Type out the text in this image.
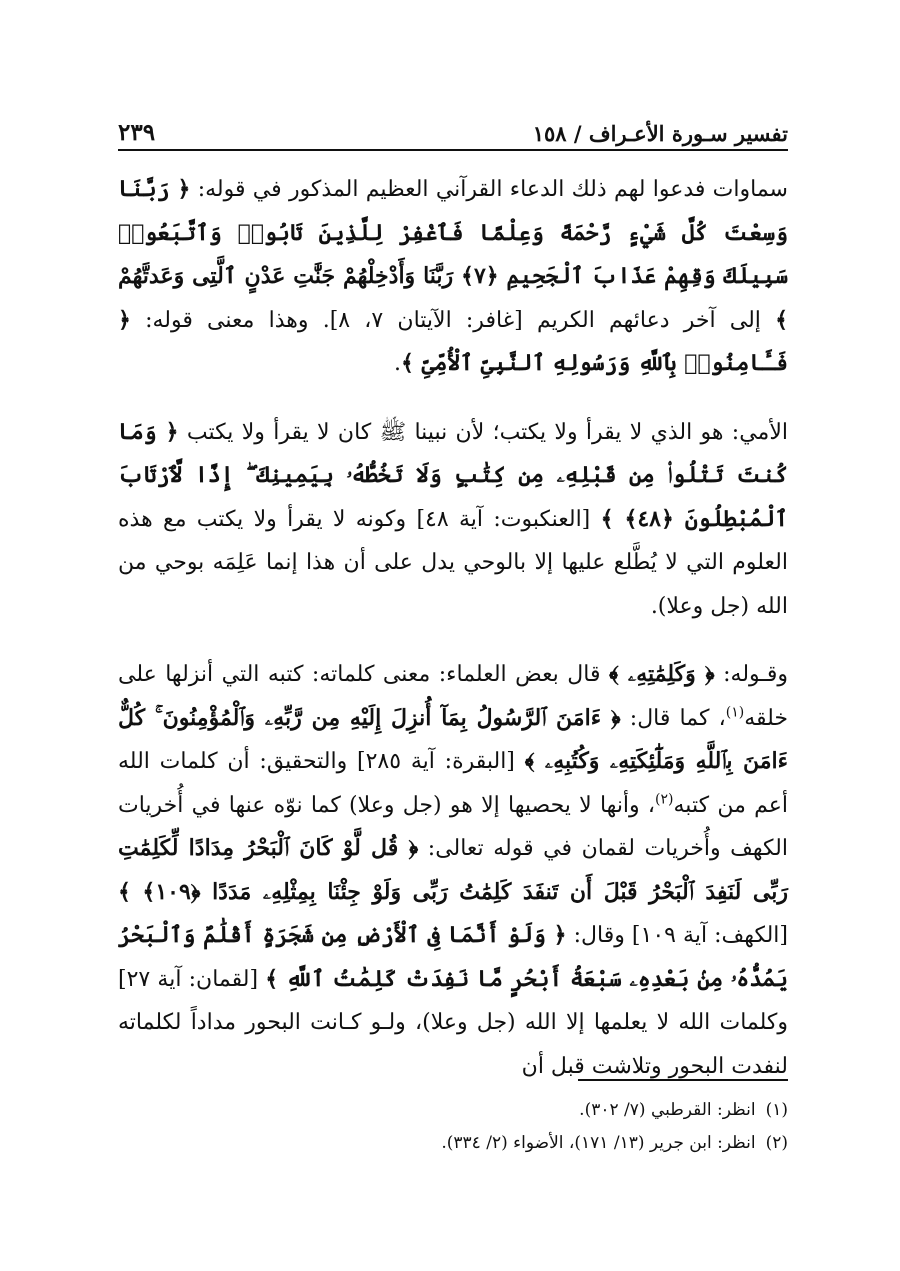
تفسير سـورة الأعـراف / ١٥٨
٢٣٩

سماوات فدعوا لهم ذلك الدعاء القرآني العظيم المذكور في قوله: ﴿ رَبَّنَا وَسِعْتَ كُلَّ شَيْءٍ رَّحْمَةً وَعِلْمًا فَٱغْفِرْ لِلَّذِينَ تَابُوا۟ وَٱتَّبَعُوا۟ سَبِيلَكَ وَقِهِمْ عَذَابَ ٱلْجَحِيمِ ﴿٧﴾ رَبَّنَا وَأَدْخِلْهُمْ جَنَّٰتِ عَدْنٍ ٱلَّتِى وَعَدتَّهُمْ ﴾ إلى آخر دعائهم الكريم [غافر: الآيتان ٧، ٨]. وهذا معنى قوله: ﴿ فَـَٔامِنُوا۟ بِٱللَّهِ وَرَسُولِهِ ٱلنَّبِىِّ ٱلْأُمِّىِّ ﴾.

الأمي: هو الذي لا يقرأ ولا يكتب؛ لأن نبينا ﷺ كان لا يقرأ ولا يكتب ﴿ وَمَا كُنتَ تَتْلُوا۟ مِن قَبْلِهِۦ مِن كِتَٰبٍ وَلَا تَخُطُّهُۥ بِيَمِينِكَ ۖ إِذًا لَّٱرْتَابَ ٱلْمُبْطِلُونَ ﴿٤٨﴾ ﴾ [العنكبوت: آية ٤٨] وكونه لا يقرأ ولا يكتب مع هذه العلوم التي لا يُطَّلع عليها إلا بالوحي يدل على أن هذا إنما عَلِمَه بوحي من الله (جل وعلا).

وقـوله: ﴿ وَكَلِمَٰتِهِۦ ﴾ قال بعض العلماء: معنى كلماته: كتبه التي أنزلها على خلقه$^{(١)}$، كما قال: ﴿ ءَامَنَ ٱلرَّسُولُ بِمَآ أُنزِلَ إِلَيْهِ مِن رَّبِّهِۦ وَٱلْمُؤْمِنُونَ ۚ كُلٌّ ءَامَنَ بِٱللَّهِ وَمَلَٰٓئِكَتِهِۦ وَكُتُبِهِۦ ﴾ [البقرة: آية ٢٨٥] والتحقيق: أن كلمات الله أعم من كتبه$^{(٢)}$، وأنها لا يحصيها إلا هو (جل وعلا) كما نوّه عنها في أُخريات الكهف وأُخريات لقمان في قوله تعالى: ﴿ قُل لَّوْ كَانَ ٱلْبَحْرُ مِدَادًا لِّكَلِمَٰتِ رَبِّى لَنَفِدَ ٱلْبَحْرُ قَبْلَ أَن تَنفَدَ كَلِمَٰتُ رَبِّى وَلَوْ جِئْنَا بِمِثْلِهِۦ مَدَدًا ﴿١٠٩﴾ ﴾ [الكهف: آية ١٠٩] وقال: ﴿ وَلَوْ أَنَّمَا فِى ٱلْأَرْضِ مِن شَجَرَةٍ أَقْلَٰمٌ وَٱلْبَحْرُ يَمُدُّهُۥ مِنۢ بَعْدِهِۦ سَبْعَةُ أَبْحُرٍ مَّا نَفِدَتْ كَلِمَٰتُ ٱللَّهِ ﴾ [لقمان: آية ٢٧] وكلمات الله لا يعلمها إلا الله (جل وعلا)، ولـو كـانت البحور مداداً لكلماته لنفدت البحور وتلاشت قبل أن

(١)انظر: القرطبي (٧/ ٣٠٢).

(٢)انظر: ابن جرير (١٣/ ١٧١)، الأضواء (٢/ ٣٣٤).
